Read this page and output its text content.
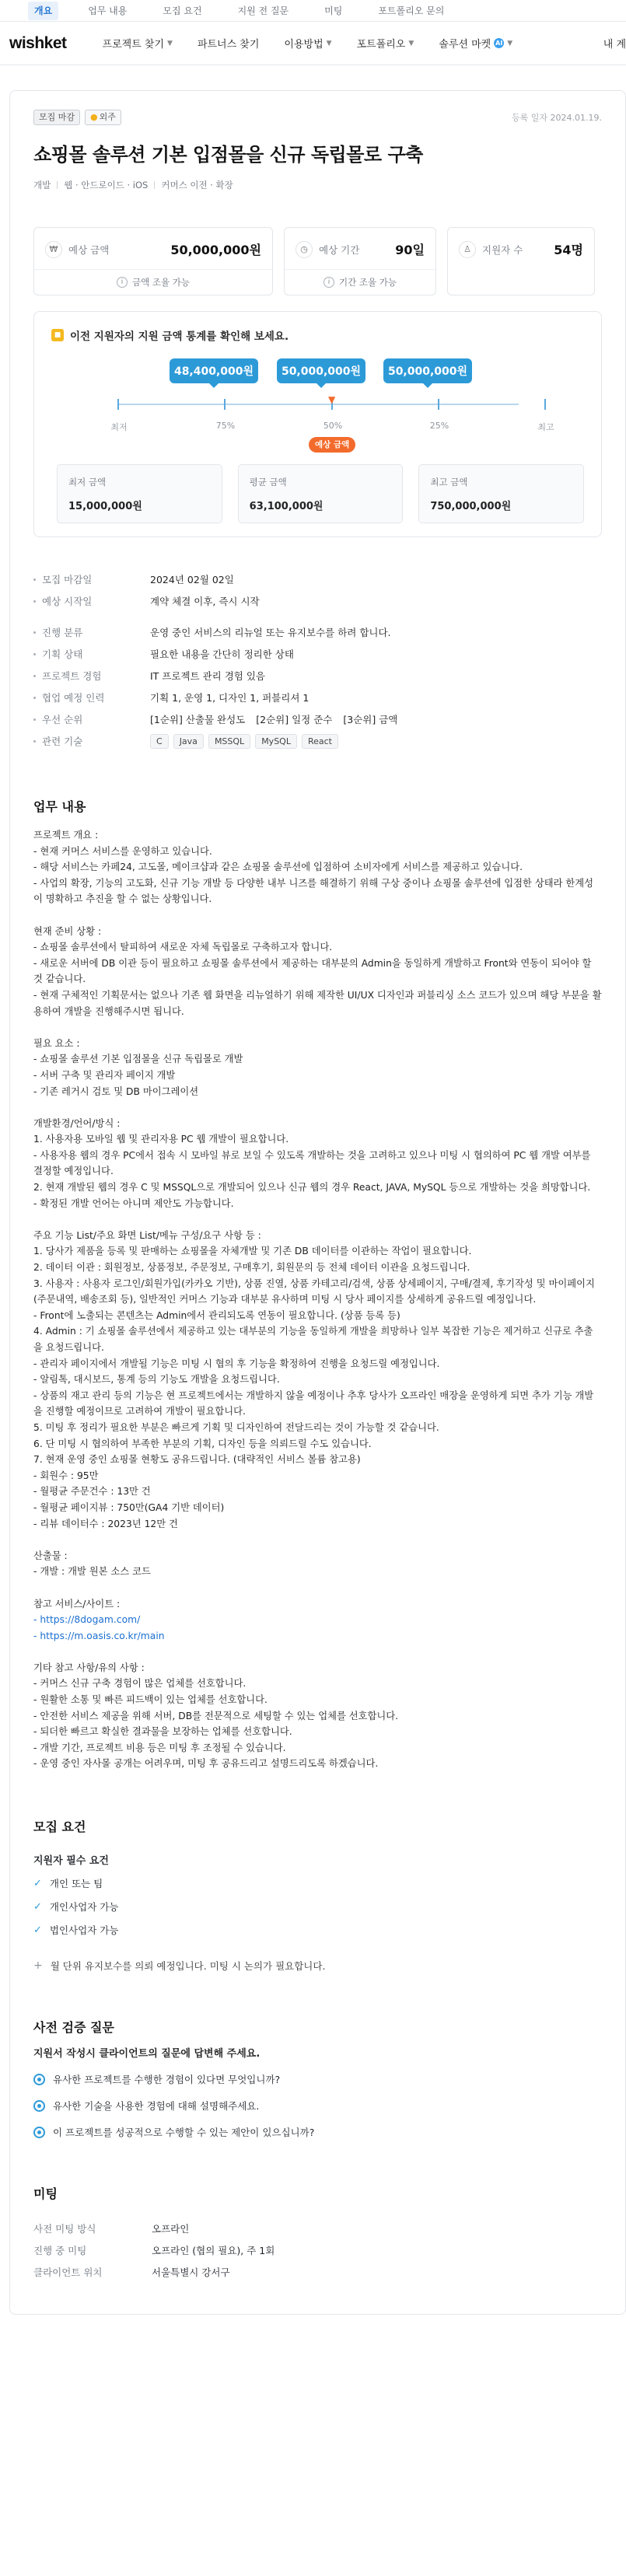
개요	업무 내용	모집 요건	지원 전 질문	미팅	포트폴리오 문의
wishket	프로젝트 찾기 ▼ 파트너스 찾기 이용방법 ▼ 포트폴리오 ▼ 솔루션 마켓 AI ▼	내 계
모집 마감	● 외주	등록 일자 2024.01.19.
쇼핑몰 솔루션 기본 입점몰을 신규 독립몰로 구축
개발 웹 · 안드로이드 · iOS 커머스 이전 · 확장
₩	예상 금액	50,000,000원
i	금액 조율 가능
◷	예상 기간	90일
i	기간 조율 가능
♙	지원자 수 54명
■ 이전 지원자의 지원 금액 통계를 확인해 보세요.
48,400,000원	50,000,000원	50,000,000원
▼
최저	75%	50%	25%	최고
예상 금액
최저 금액
15,000,000원
평균 금액
63,100,000원
최고 금액
750,000,000원
모집 마감일	2024년 02월 02일
예상 시작일	계약 체결 이후, 즉시 시작
진행 분류	운영 중인 서비스의 리뉴얼 또는 유지보수를 하려 합니다.
기획 상태	필요한 내용을 간단히 정리한 상태
프로젝트 경험	IT 프로젝트 관리 경험 있음
협업 예정 인력	기획 1, 운영 1, 디자인 1, 퍼블리셔 1
우선 순위	[1순위] 산출물 완성도 [2순위] 일정 준수 [3순위] 금액
관련 기술	C Java MSSQL MySQL React
업무 내용
프로젝트 개요 :
- 현재 커머스 서비스를 운영하고 있습니다.
- 해당 서비스는 카페24, 고도몰, 메이크샵과 같은 쇼핑몰 솔루션에 입점하여 소비자에게 서비스를 제공하고 있습니다.
- 사업의 확장, 기능의 고도화, 신규 기능 개발 등 다양한 내부 니즈를 해결하기 위해 구상 중이나 쇼핑몰 솔루션에 입점한 상태라 한계성이 명확하고 추진을 할 수 없는 상황입니다.
현재 준비 상황 :
- 쇼핑몰 솔루션에서 탈피하여 새로운 자체 독립몰로 구축하고자 합니다.
- 새로운 서버에 DB 이관 등이 필요하고 쇼핑몰 솔루션에서 제공하는 대부분의 Admin을 동일하게 개발하고 Front와 연동이 되어야 할 것 같습니다.
- 현재 구체적인 기획문서는 없으나 기존 웹 화면을 리뉴얼하기 위해 제작한 UI/UX 디자인과 퍼블리싱 소스 코드가 있으며 해당 부분을 활용하여 개발을 진행해주시면 됩니다.
필요 요소 :
- 쇼핑몰 솔루션 기본 입점몰을 신규 독립몰로 개발
- 서버 구축 및 관리자 페이지 개발
- 기존 레거시 검토 및 DB 마이그레이션
개발환경/언어/방식 :
1. 사용자용 모바일 웹 및 관리자용 PC 웹 개발이 필요합니다.
- 사용자용 웹의 경우 PC에서 접속 시 모바일 뷰로 보일 수 있도록 개발하는 것을 고려하고 있으나 미팅 시 협의하여 PC 웹 개발 여부를 결정할 예정입니다.
2. 현재 개발된 웹의 경우 C 및 MSSQL으로 개발되어 있으나 신규 웹의 경우 React, JAVA, MySQL 등으로 개발하는 것을 희망합니다.
- 확정된 개발 언어는 아니며 제안도 가능합니다.
주요 기능 List/주요 화면 List/메뉴 구성/요구 사항 등 :
1. 당사가 제품을 등록 및 판매하는 쇼핑몰을 자체개발 및 기존 DB 데이터를 이관하는 작업이 필요합니다.
2. 데이터 이관 : 회원정보, 상품정보, 주문정보, 구매후기, 회원문의 등 전체 데이터 이관을 요청드립니다.
3. 사용자 : 사용자 로그인/회원가입(카카오 기반), 상품 진열, 상품 카테고리/검색, 상품 상세페이지, 구매/결제, 후기작성 및 마이페이지(주문내역, 배송조회 등), 일반적인 커머스 기능과 대부분 유사하며 미팅 시 당사 페이지를 상세하게 공유드릴 예정입니다.
- Front에 노출되는 콘텐츠는 Admin에서 관리되도록 연동이 필요합니다. (상품 등록 등)
4. Admin : 기 쇼핑몰 솔루션에서 제공하고 있는 대부분의 기능을 동일하게 개발을 희망하나 일부 복잡한 기능은 제거하고 신규로 추출을 요청드립니다.
- 관리자 페이지에서 개발될 기능은 미팅 시 협의 후 기능을 확정하여 진행을 요청드릴 예정입니다.
- 알림톡, 대시보드, 통계 등의 기능도 개발을 요청드립니다.
- 상품의 재고 관리 등의 기능은 현 프로젝트에서는 개발하지 않을 예정이나 추후 당사가 오프라인 매장을 운영하게 되면 추가 기능 개발을 진행할 예정이므로 고려하여 개발이 필요합니다.
5. 미팅 후 정리가 필요한 부분은 빠르게 기획 및 디자인하여 전달드리는 것이 가능할 것 같습니다.
6. 단 미팅 시 협의하여 부족한 부분의 기획, 디자인 등을 의뢰드릴 수도 있습니다.
7. 현재 운영 중인 쇼핑몰 현황도 공유드립니다. (대략적인 서비스 볼륨 참고용)
- 회원수 : 95만
- 월평균 주문건수 : 13만 건
- 월평균 페이지뷰 : 750만(GA4 기반 데이터)
- 리뷰 데이터수 : 2023년 12만 건
산출물 :
- 개발 : 개발 원본 소스 코드
참고 서비스/사이트 :
- https://8dogam.com/
- https://m.oasis.co.kr/main
기타 참고 사항/유의 사항 :
- 커머스 신규 구축 경험이 많은 업체를 선호합니다.
- 원활한 소통 및 빠른 피드백이 있는 업체를 선호합니다.
- 안전한 서비스 제공을 위해 서버, DB를 전문적으로 세팅할 수 있는 업체를 선호합니다.
- 되더한 빠르고 확실한 결과물을 보장하는 업체를 선호합니다.
- 개발 기간, 프로젝트 비용 등은 미팅 후 조정될 수 있습니다.
- 운영 중인 자사몰 공개는 어려우며, 미팅 후 공유드리고 설명드리도록 하겠습니다.
모집 요건
지원자 필수 요건
✓ 개인 또는 팀
✓ 개인사업자 가능
✓ 법인사업자 가능
+ 월 단위 유지보수를 의뢰 예정입니다. 미팅 시 논의가 필요합니다.
사전 검증 질문
지원서 작성시 클라이언트의 질문에 답변해 주세요.
유사한 프로젝트를 수행한 경험이 있다면 무엇입니까?
유사한 기술을 사용한 경험에 대해 설명해주세요.
이 프로젝트를 성공적으로 수행할 수 있는 제안이 있으십니까?
미팅
사전 미팅 방식	오프라인
진행 중 미팅	오프라인 (협의 필요), 주 1회
클라이언트 위치	서울특별시 강서구
